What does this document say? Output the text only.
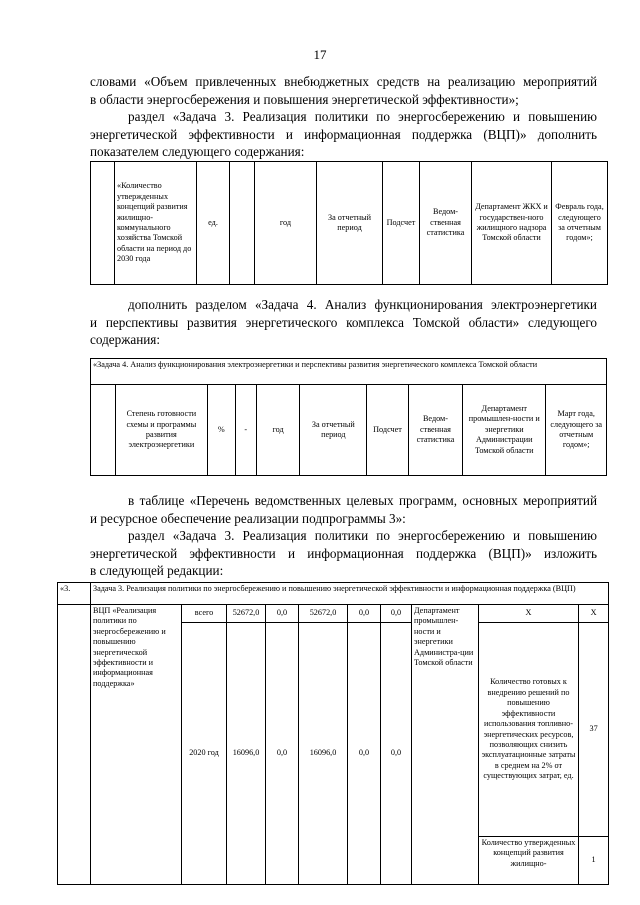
17
словами «Объем привлеченных внебюджетных средств на реализацию мероприятий
в области энергосбережения и повышения энергетической эффективности»;
раздел «Задача 3. Реализация политики по энергосбережению и повышению
энергетической эффективности и информационная поддержка (ВЦП)» дополнить
показателем следующего содержания:
	«Количество утвержденных концепций развития жилищно-коммунального хозяйства Томской области на период до 2030 года	ед.		год	За отчетный период	Подсчет	Ведом-ственная статистика	Департамент ЖКХ и государствен-ного жилищного надзора Томской области	Февраль года, следующего за отчетным годом»;
дополнить разделом «Задача 4. Анализ функционирования электроэнергетики
и перспективы развития энергетического комплекса Томской области» следующего
содержания:
«Задача 4. Анализ функционирования электроэнергетики и перспективы развития энергетического комплекса Томской области
	Степень готовности схемы и программы развития электроэнергетики	%	-	год	За отчетный период	Подсчет	Ведом-ственная статистика	Департамент промышлен-ности и энергетики Администрации Томской области	Март года, следующего за отчетным годом»;
в таблице «Перечень ведомственных целевых программ, основных мероприятий
и ресурсное обеспечение реализации подпрограммы 3»:
раздел «Задача 3. Реализация политики по энергосбережению и повышению
энергетической эффективности и информационная поддержка (ВЦП)» изложить
в следующей редакции:
«3.	Задача 3. Реализация политики по энергосбережению и повышению энергетической эффективности и информационная поддержка (ВЦП)									
	ВЦП «Реализация политики по энергосбережению и повышению энергетической эффективности и информационная поддержка»	всего	52672,0	0,0	52672,0	0,0	0,0	Департамент промышлен-ности и энергетики Администра-ции Томской области	Х	Х
		2020 год	16096,0	0,0	16096,0	0,0	0,0		Количество готовых к внедрению решений по повышению эффективности использования топливно-энергетических ресурсов, позволяющих снизить эксплуатационные затраты в среднем на 2% от существующих затрат, ед.	37
									Количество утвержденных концепций развития жилищно-	1
